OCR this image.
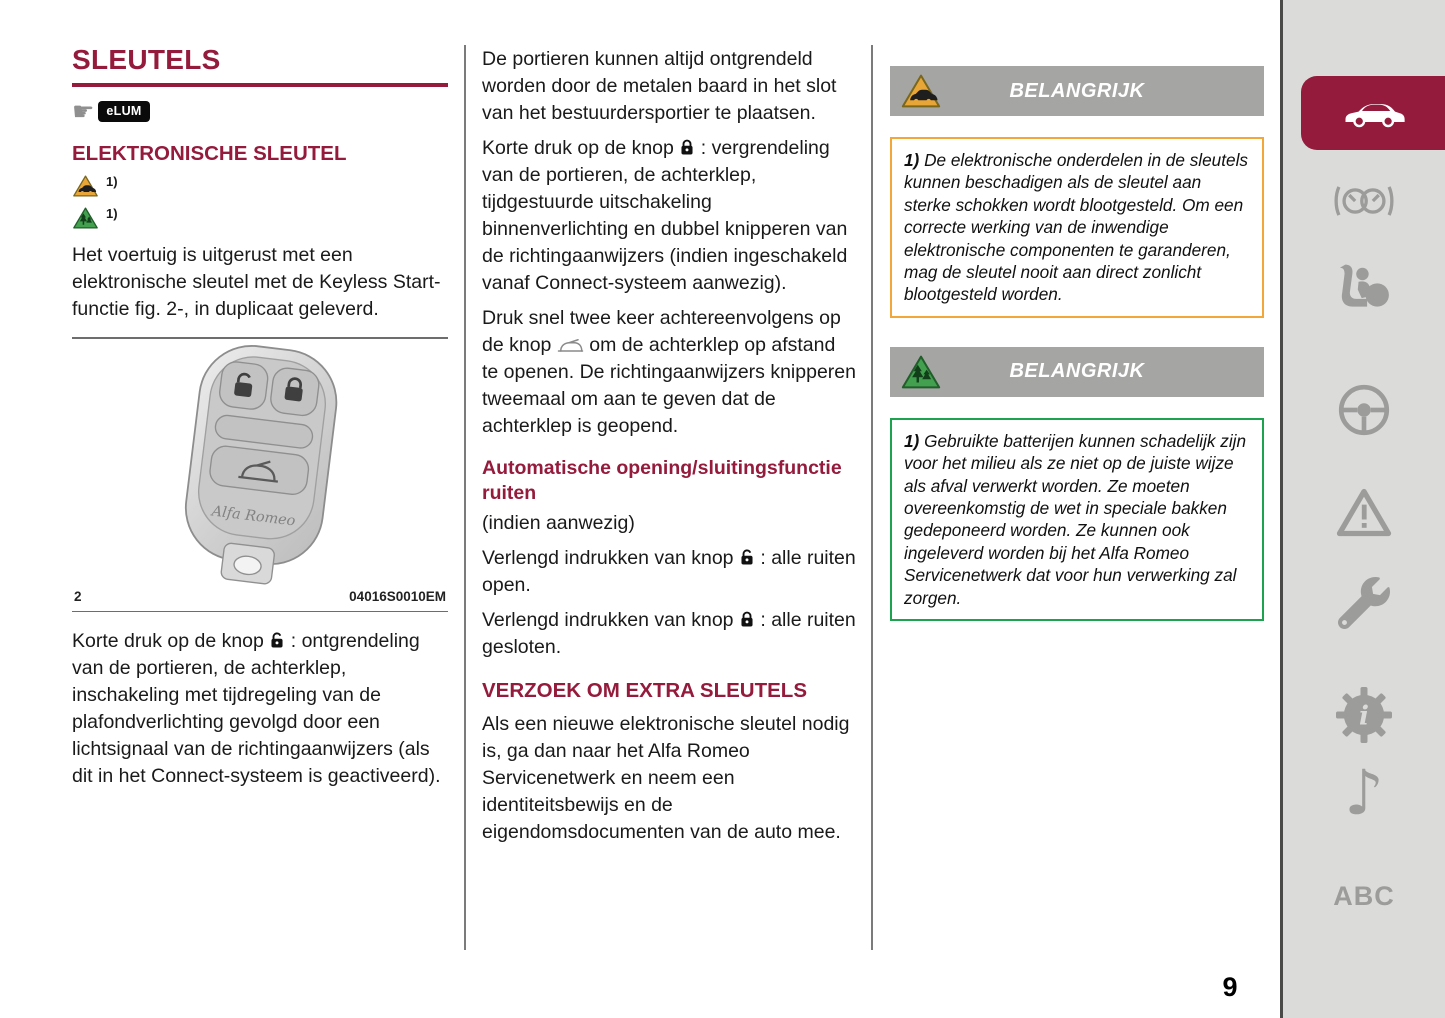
SLEUTELS
☛ eLUM
ELEKTRONISCHE SLEUTEL
1)
1)

Het voertuig is uitgerust met een elektronische sleutel met de Keyless Start-functie fig. 2-, in duplicaat geleverd.

Alfa Romeo
2	04016S0010EM

Korte druk op de knop : ontgrendeling van de portieren, de achterklep, inschakeling met tijdregeling van de plafondverlichting gevolgd door een lichtsignaal van de richtingaanwijzers (als dit in het Connect-systeem is geactiveerd).

De portieren kunnen altijd ontgrendeld worden door de metalen baard in het slot van het bestuurdersportier te plaatsen.

Korte druk op de knop : vergrendeling van de portieren, de achterklep, tijdgestuurde uitschakeling binnenverlichting en dubbel knipperen van de richtingaanwijzers (indien ingeschakeld vanaf Connect-systeem aanwezig).

Druk snel twee keer achtereenvolgens op de knop om de achterklep op afstand te openen. De richtingaanwijzers knipperen tweemaal om aan te geven dat de achterklep is geopend.

Automatische opening/sluitingsfunctie ruiten

(indien aanwezig)

Verlengd indrukken van knop : alle ruiten open.

Verlengd indrukken van knop : alle ruiten gesloten.

VERZOEK OM EXTRA SLEUTELS

Als een nieuwe elektronische sleutel nodig is, ga dan naar het Alfa Romeo Servicenetwerk en neem een identiteitsbewijs en de eigendomsdocumenten van de auto mee.

BELANGRIJK
1) De elektronische onderdelen in de sleutels kunnen beschadigen als de sleutel aan sterke schokken wordt blootgesteld. Om een correcte werking van de inwendige elektronische componenten te garanderen, mag de sleutel nooit aan direct zonlicht blootgesteld worden.
BELANGRIJK
1) Gebruikte batterijen kunnen schadelijk zijn voor het milieu als ze niet op de juiste wijze als afval verwerkt worden. Ze moeten overeenkomstig de wet in speciale bakken gedeponeerd worden. Ze kunnen ook ingeleverd worden bij het Alfa Romeo Servicenetwerk dat voor hun verwerking zal zorgen.
i
♪
ABC
9
